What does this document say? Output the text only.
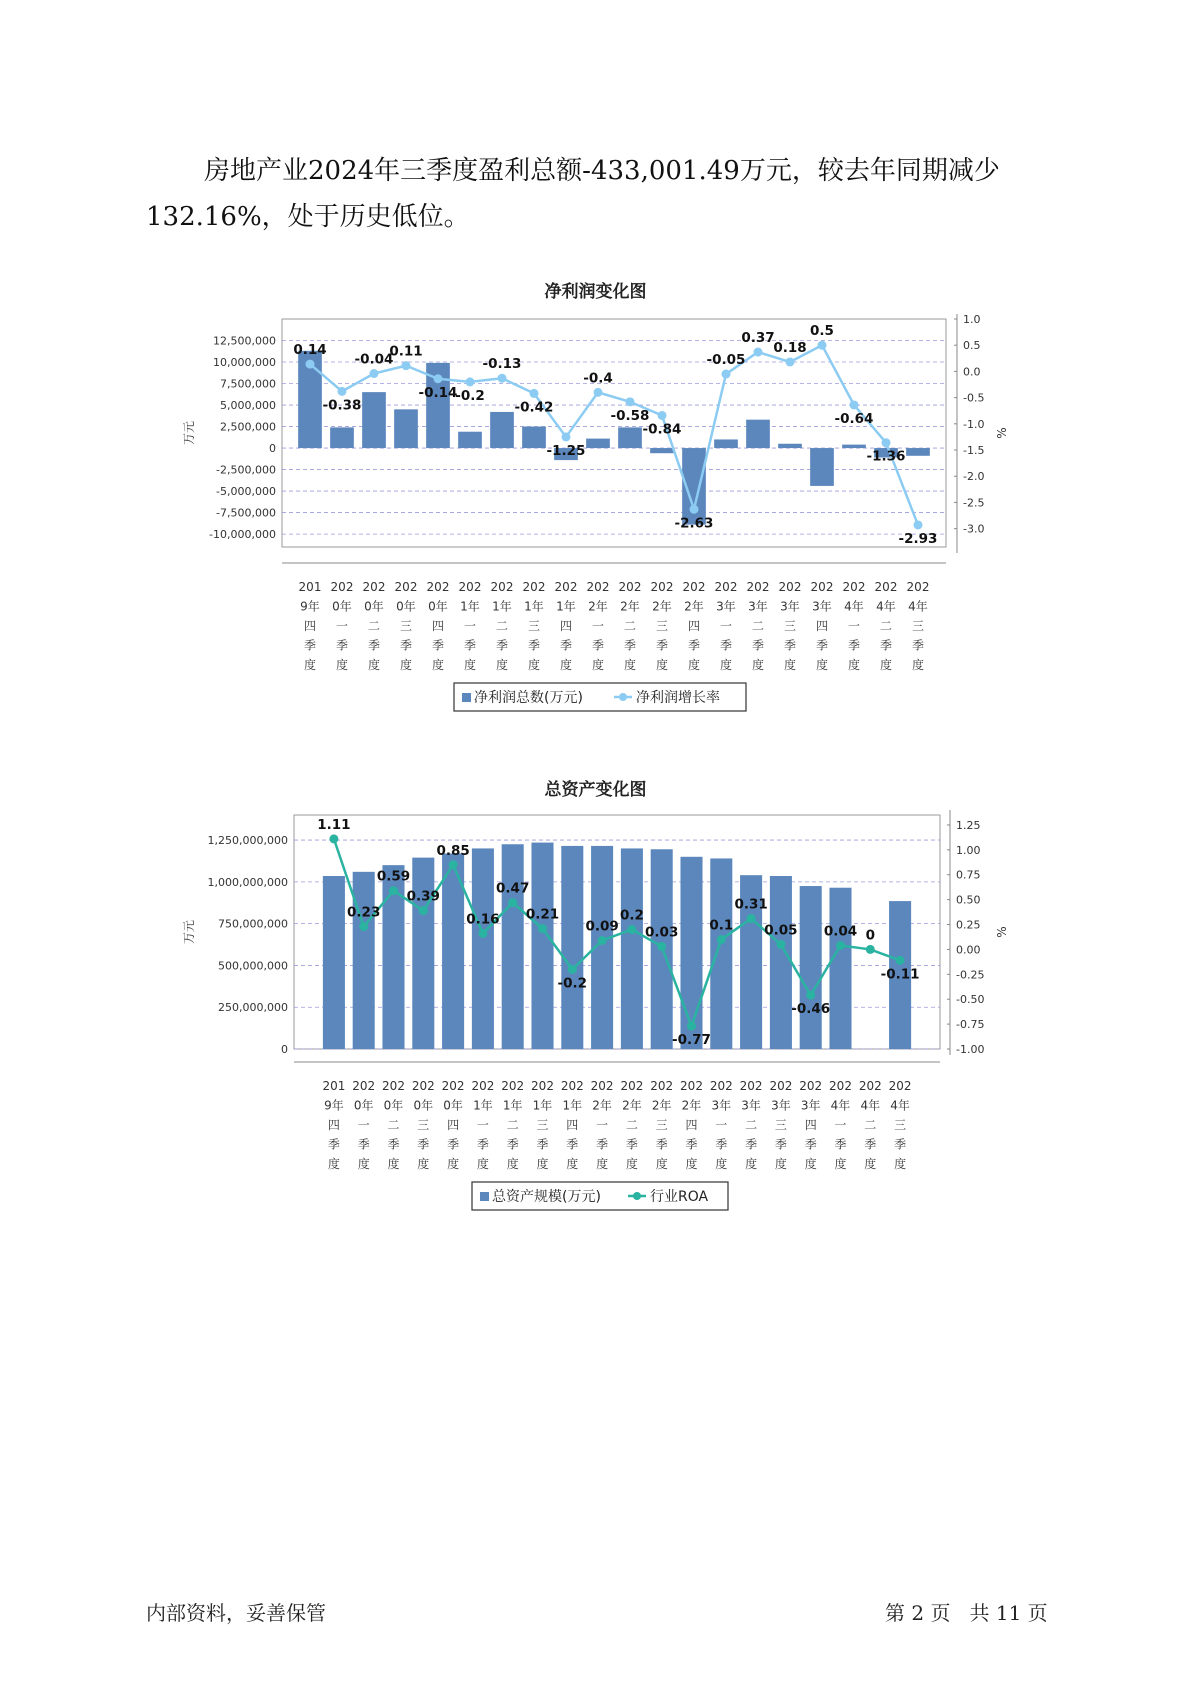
房地产业2024年三季度盈利总额-433,001.49万元，较去年同期减少132.16%，处于历史低位。

净利润变化图
12,500,000
10,000,000
7,500,000
5,000,000
2,500,000
0
-2,500,000
-5,000,000
-7,500,000
-10,000,000
1.0
0.5
0.0
-0.5
-1.0
-1.5
-2.0
-2.5
-3.0
万元	%
201 9年四季度
202 0年一季度
202 0年二季度
202 0年三季度
202 0年四季度
202 1年一季度
202 1年二季度
202 1年三季度
202 1年四季度
202 2年一季度
202 2年二季度
202 2年三季度
202 2年四季度
202 3年一季度
202 3年二季度
202 3年三季度
202 3年四季度
202 4年一季度
202 4年二季度
202 4年三季度
0.14
-0.38
-0.04
0.11
-0.14
-0.2
-0.13
-0.42
-1.25
-0.4
-0.58
-0.84
-2.63
-0.05
0.37
0.18
0.5
-0.64
-1.36
-2.93
净利润总数(万元)	净利润增长率
总资产变化图
1,250,000,000
1,000,000,000
750,000,000
500,000,000
250,000,000
0
1.25
1.00
0.75
0.50
0.25
0.00
-0.25
-0.50
-0.75
-1.00
万元	%
201 9年四季度
202 0年一季度
202 0年二季度
202 0年三季度
202 0年四季度
202 1年一季度
202 1年二季度
202 1年三季度
202 1年四季度
202 2年一季度
202 2年二季度
202 2年三季度
202 2年四季度
202 3年一季度
202 3年二季度
202 3年三季度
202 3年四季度
202 4年一季度
202 4年二季度
202 4年三季度
1.11
0.23
0.59
0.39
0.85
0.16
0.47
0.21
-0.2
0.09
0.2
0.03
-0.77
0.1
0.31
0.05
-0.46
0.04 0
-0.11
总资产规模(万元)	行业ROA
内部资料，妥善保管	第 2 页   共 11 页
